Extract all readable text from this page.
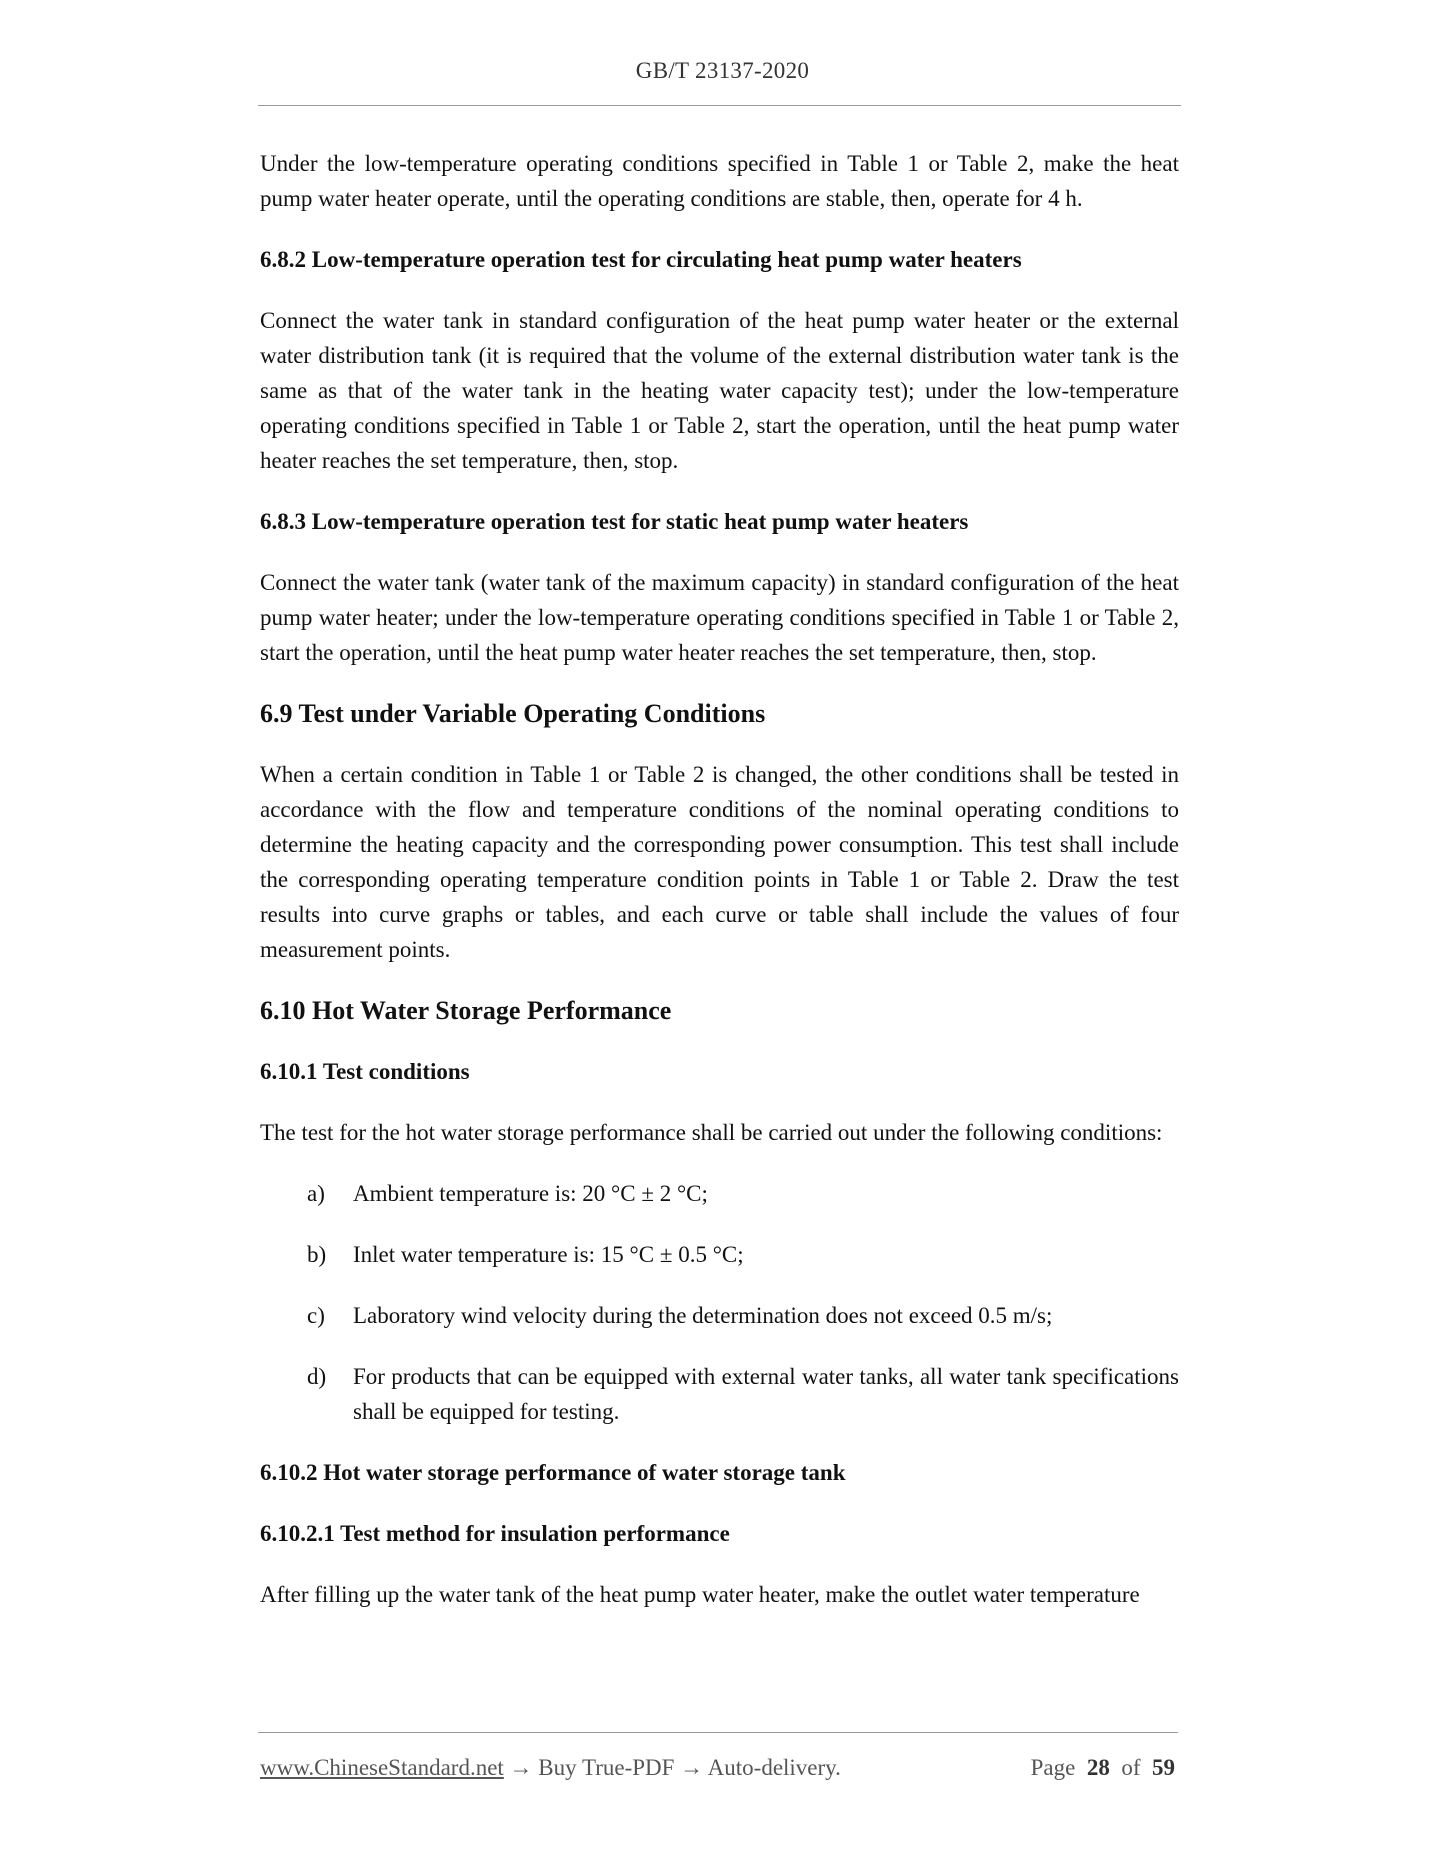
GB/T 23137-2020

Under the low-temperature operating conditions specified in Table 1 or Table 2, make the heat pump water heater operate, until the operating conditions are stable, then, operate for 4 h.

6.8.2 Low-temperature operation test for circulating heat pump water heaters

Connect the water tank in standard configuration of the heat pump water heater or the external water distribution tank (it is required that the volume of the external distribution water tank is the same as that of the water tank in the heating water capacity test); under the low-temperature operating conditions specified in Table 1 or Table 2, start the operation, until the heat pump water heater reaches the set temperature, then, stop.

6.8.3 Low-temperature operation test for static heat pump water heaters

Connect the water tank (water tank of the maximum capacity) in standard configuration of the heat pump water heater; under the low-temperature operating conditions specified in Table 1 or Table 2, start the operation, until the heat pump water heater reaches the set temperature, then, stop.

6.9 Test under Variable Operating Conditions

When a certain condition in Table 1 or Table 2 is changed, the other conditions shall be tested in accordance with the flow and temperature conditions of the nominal operating conditions to determine the heating capacity and the corresponding power consumption. This test shall include the corresponding operating temperature condition points in Table 1 or Table 2. Draw the test results into curve graphs or tables, and each curve or table shall include the values of four measurement points.

6.10 Hot Water Storage Performance
6.10.1 Test conditions

The test for the hot water storage performance shall be carried out under the following conditions:

a)	Ambient temperature is: 20 °C ± 2 °C;
b)	Inlet water temperature is: 15 °C ± 0.5 °C;
c)	Laboratory wind velocity during the determination does not exceed 0.5 m/s;
d)	For products that can be equipped with external water tanks, all water tank specifications shall be equipped for testing.
6.10.2 Hot water storage performance of water storage tank
6.10.2.1 Test method for insulation performance

After filling up the water tank of the heat pump water heater, make the outlet water temperature

www.ChineseStandard.net → Buy True-PDF → Auto-delivery.	Page 28 of 59
